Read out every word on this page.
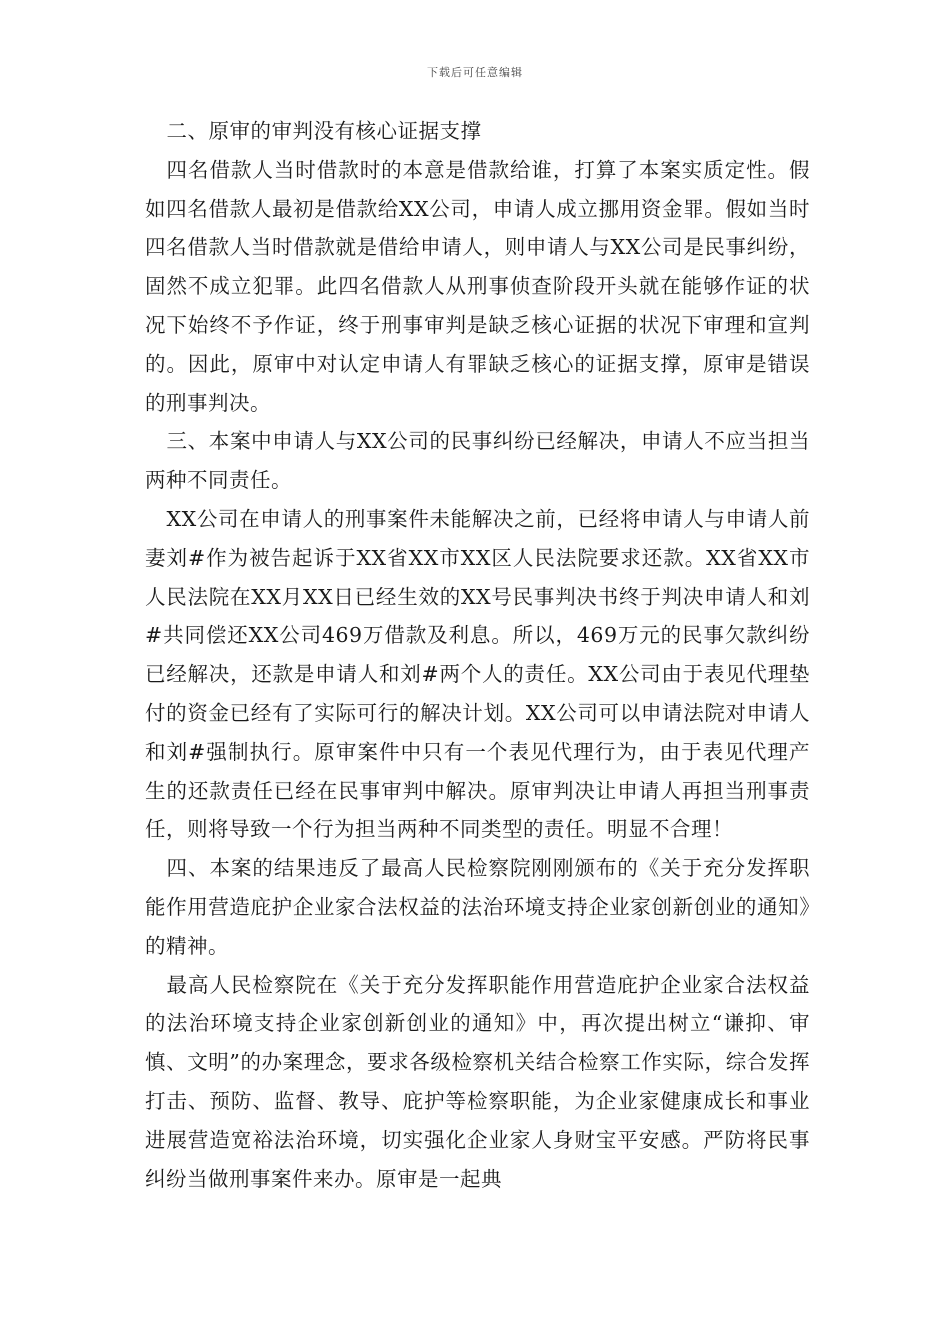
下载后可任意编辑

二、原审的审判没有核心证据支撑

四名借款人当时借款时的本意是借款给谁，打算了本案实质定性。假如四名借款人最初是借款给XX公司，申请人成立挪用资金罪。假如当时四名借款人当时借款就是借给申请人，则申请人与XX公司是民事纠纷，固然不成立犯罪。此四名借款人从刑事侦查阶段开头就在能够作证的状况下始终不予作证，终于刑事审判是缺乏核心证据的状况下审理和宣判的。因此，原审中对认定申请人有罪缺乏核心的证据支撑，原审是错误的刑事判决。

三、本案中申请人与XX公司的民事纠纷已经解决，申请人不应当担当两种不同责任。

XX公司在申请人的刑事案件未能解决之前，已经将申请人与申请人前妻刘#作为被告起诉于XX省XX市XX区人民法院要求还款。XX省XX市人民法院在XX月XX日已经生效的XX号民事判决书终于判决申请人和刘#共同偿还XX公司469万借款及利息。所以，469万元的民事欠款纠纷已经解决，还款是申请人和刘#两个人的责任。XX公司由于表见代理垫付的资金已经有了实际可行的解决计划。XX公司可以申请法院对申请人和刘#强制执行。原审案件中只有一个表见代理行为，由于表见代理产生的还款责任已经在民事审判中解决。原审判决让申请人再担当刑事责任，则将导致一个行为担当两种不同类型的责任。明显不合理！

四、本案的结果违反了最高人民检察院刚刚颁布的《关于充分发挥职能作用营造庇护企业家合法权益的法治环境支持企业家创新创业的通知》的精神。

最高人民检察院在《关于充分发挥职能作用营造庇护企业家合法权益的法治环境支持企业家创新创业的通知》中，再次提出树立“谦抑、审慎、文明”的办案理念，要求各级检察机关结合检察工作实际，综合发挥打击、预防、监督、教导、庇护等检察职能，为企业家健康成长和事业进展营造宽裕法治环境，切实强化企业家人身财宝平安感。严防将民事纠纷当做刑事案件来办。原审是一起典
